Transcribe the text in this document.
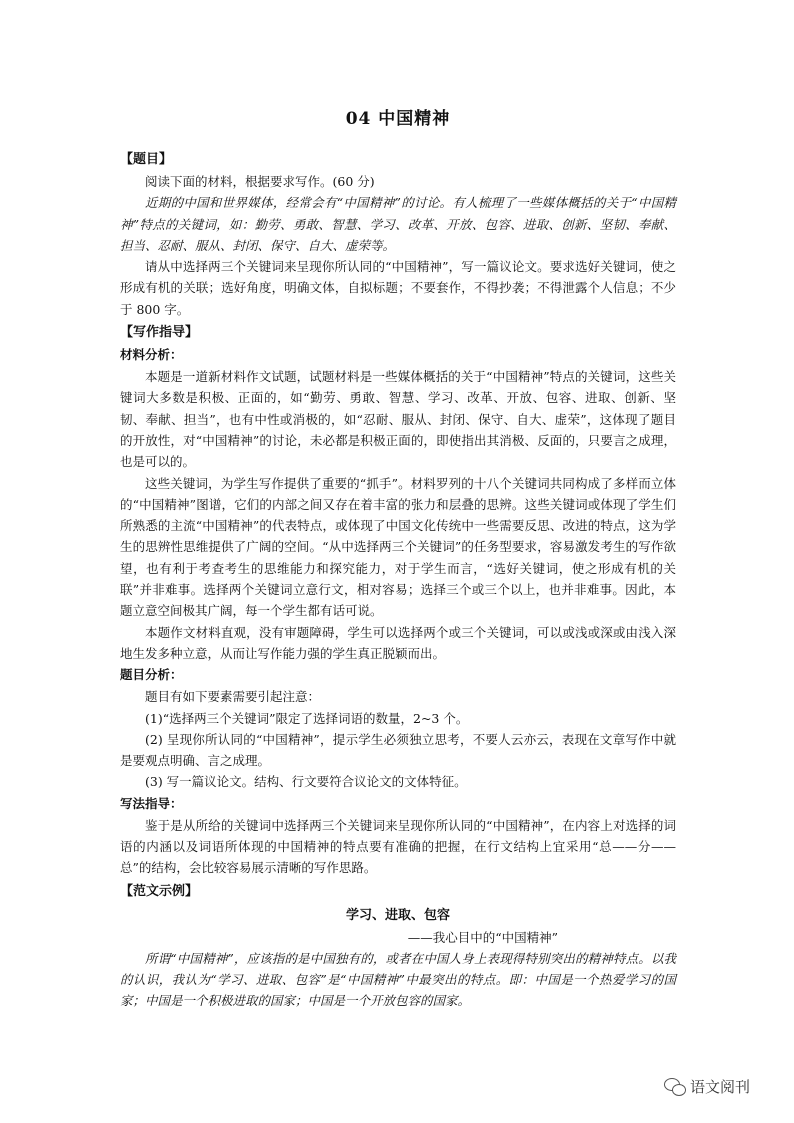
04 中国精神
【题目】

阅读下面的材料，根据要求写作。(60 分)

近期的中国和世界媒体，经常会有“中国精神”的讨论。有人梳理了一些媒体概括的关于“中国精神”特点的关键词，如：勤劳、勇敢、智慧、学习、改革、开放、包容、进取、创新、坚韧、奉献、担当、忍耐、服从、封闭、保守、自大、虚荣等。

请从中选择两三个关键词来呈现你所认同的“中国精神”，写一篇议论文。要求选好关键词，使之形成有机的关联；选好角度，明确文体，自拟标题；不要套作，不得抄袭；不得泄露个人信息；不少于 800 字。

【写作指导】
材料分析：

本题是一道新材料作文试题，试题材料是一些媒体概括的关于“中国精神”特点的关键词，这些关键词大多数是积极、正面的，如“勤劳、勇敢、智慧、学习、改革、开放、包容、进取、创新、坚韧、奉献、担当”，也有中性或消极的，如“忍耐、服从、封闭、保守、自大、虚荣”，这体现了题目的开放性，对“中国精神”的讨论，未必都是积极正面的，即使指出其消极、反面的，只要言之成理，也是可以的。

这些关键词，为学生写作提供了重要的“抓手”。材料罗列的十八个关键词共同构成了多样而立体的“中国精神”图谱，它们的内部之间又存在着丰富的张力和层叠的思辨。这些关键词或体现了学生们所熟悉的主流“中国精神”的代表特点，或体现了中国文化传统中一些需要反思、改进的特点，这为学生的思辨性思维提供了广阔的空间。“从中选择两三个关键词”的任务型要求，容易激发考生的写作欲望，也有利于考查考生的思维能力和探究能力，对于学生而言，“选好关键词，使之形成有机的关联”并非难事。选择两个关键词立意行文，相对容易；选择三个或三个以上，也并非难事。因此，本题立意空间极其广阔，每一个学生都有话可说。

本题作文材料直观，没有审题障碍，学生可以选择两个或三个关键词，可以或浅或深或由浅入深地生发多种立意，从而让写作能力强的学生真正脱颖而出。

题目分析：

题目有如下要素需要引起注意：

(1)“选择两三个关键词”限定了选择词语的数量，2~3 个。

(2) 呈现你所认同的“中国精神”，提示学生必须独立思考，不要人云亦云，表现在文章写作中就是要观点明确、言之成理。

(3) 写一篇议论文。结构、行文要符合议论文的文体特征。

写法指导：

鉴于是从所给的关键词中选择两三个关键词来呈现你所认同的“中国精神”，在内容上对选择的词语的内涵以及词语所体现的中国精神的特点要有准确的把握，在行文结构上宜采用“总——分——总”的结构，会比较容易展示清晰的写作思路。

【范文示例】
学习、进取、包容
——我心目中的“中国精神”

所谓“中国精神”，应该指的是中国独有的，或者在中国人身上表现得特别突出的精神特点。以我的认识，我认为“学习、进取、包容”是“中国精神”中最突出的特点。即：中国是一个热爱学习的国家；中国是一个积极进取的国家；中国是一个开放包容的国家。

语文阅刊
